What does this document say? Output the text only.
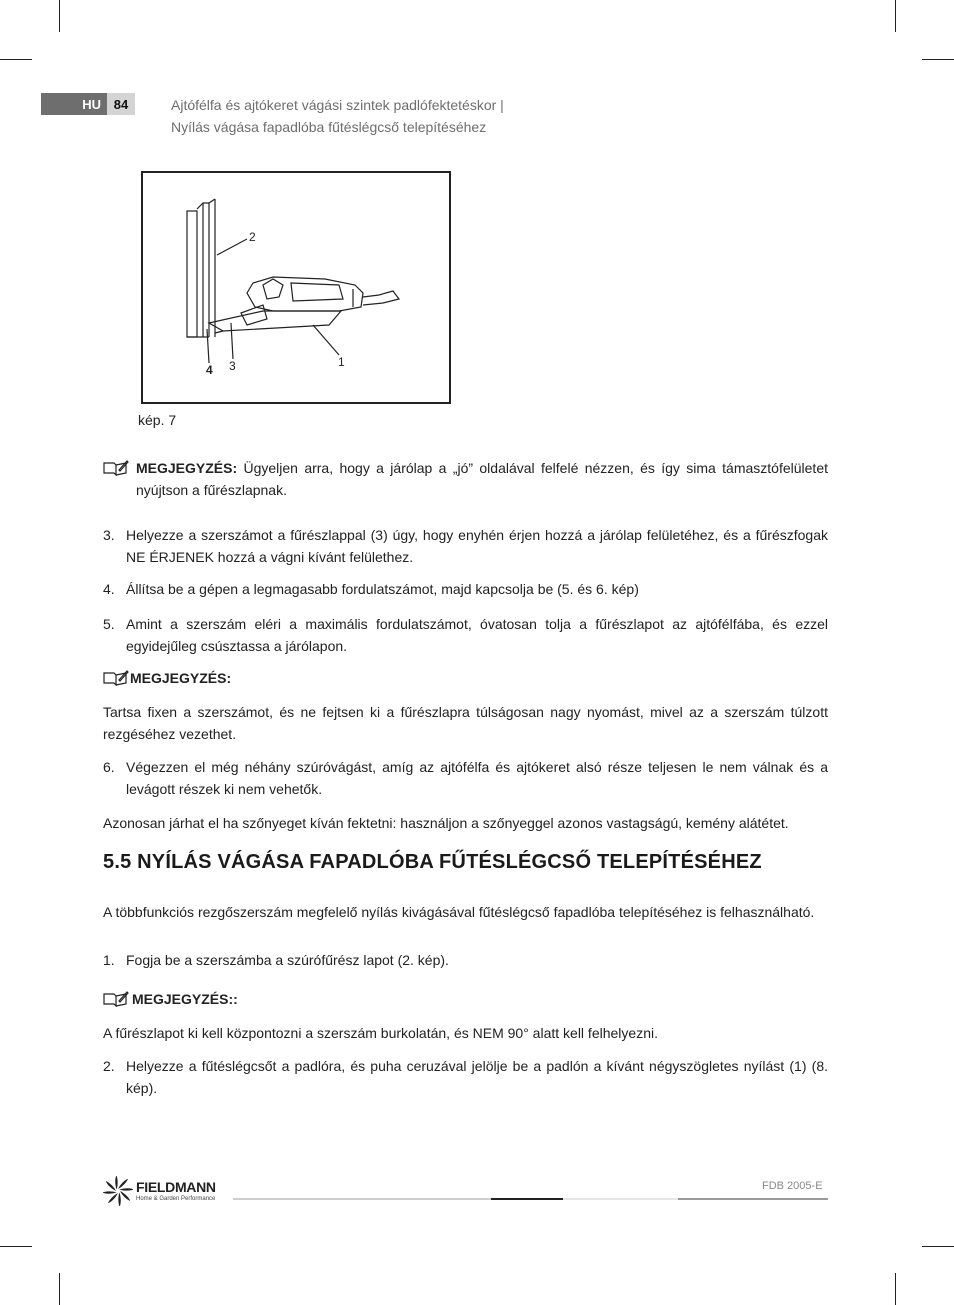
HU 84	Ajtófélfa és ajtókeret vágási szintek padlófektetéskor |
Nyílás vágása fapadlóba fűtéslégcső telepítéséhez
2
4 3	1
kép. 7
MEGJEGYZÉS: Ügyeljen arra, hogy a járólap a „jó” oldalával felfelé nézzen, és így sima támasztófelületet nyújtson a fűrészlapnak.
3. Helyezze a szerszámot a fűrészlappal (3) úgy, hogy enyhén érjen hozzá a járólap felületéhez, és a fűrészfogak NE ÉRJENEK hozzá a vágni kívánt felülethez.
4. Állítsa be a gépen a legmagasabb fordulatszámot, majd kapcsolja be (5. és 6. kép)
5. Amint a szerszám eléri a maximális fordulatszámot, óvatosan tolja a fűrészlapot az ajtófélfába, és ezzel egyidejűleg csúsztassa a járólapon.
MEGJEGYZÉS:
Tartsa fixen a szerszámot, és ne fejtsen ki a fűrészlapra túlságosan nagy nyomást, mivel az a szerszám túlzott rezgéséhez vezethet.
6. Végezzen el még néhány szúróvágást, amíg az ajtófélfa és ajtókeret alsó része teljesen le nem válnak és a levágott részek ki nem vehetők.
Azonosan járhat el ha szőnyeget kíván fektetni: használjon a szőnyeggel azonos vastagságú, kemény alátétet.
5.5 NYÍLÁS VÁGÁSA FAPADLÓBA FŰTÉSLÉGCSŐ TELEPÍTÉSÉHEZ
A többfunkciós rezgőszerszám megfelelő nyílás kivágásával fűtéslégcső fapadlóba telepítéséhez is felhasználható.
1. Fogja be a szerszámba a szúrófűrész lapot (2. kép).
MEGJEGYZÉS::
A fűrészlapot ki kell központozni a szerszám burkolatán, és NEM 90° alatt kell felhelyezni.
2. Helyezze a fűtéslégcsőt a padlóra, és puha ceruzával jelölje be a padlón a kívánt négyszögletes nyílást (1) (8. kép).
FIELDMANN
Home & Garden Performance
FDB 2005-E
